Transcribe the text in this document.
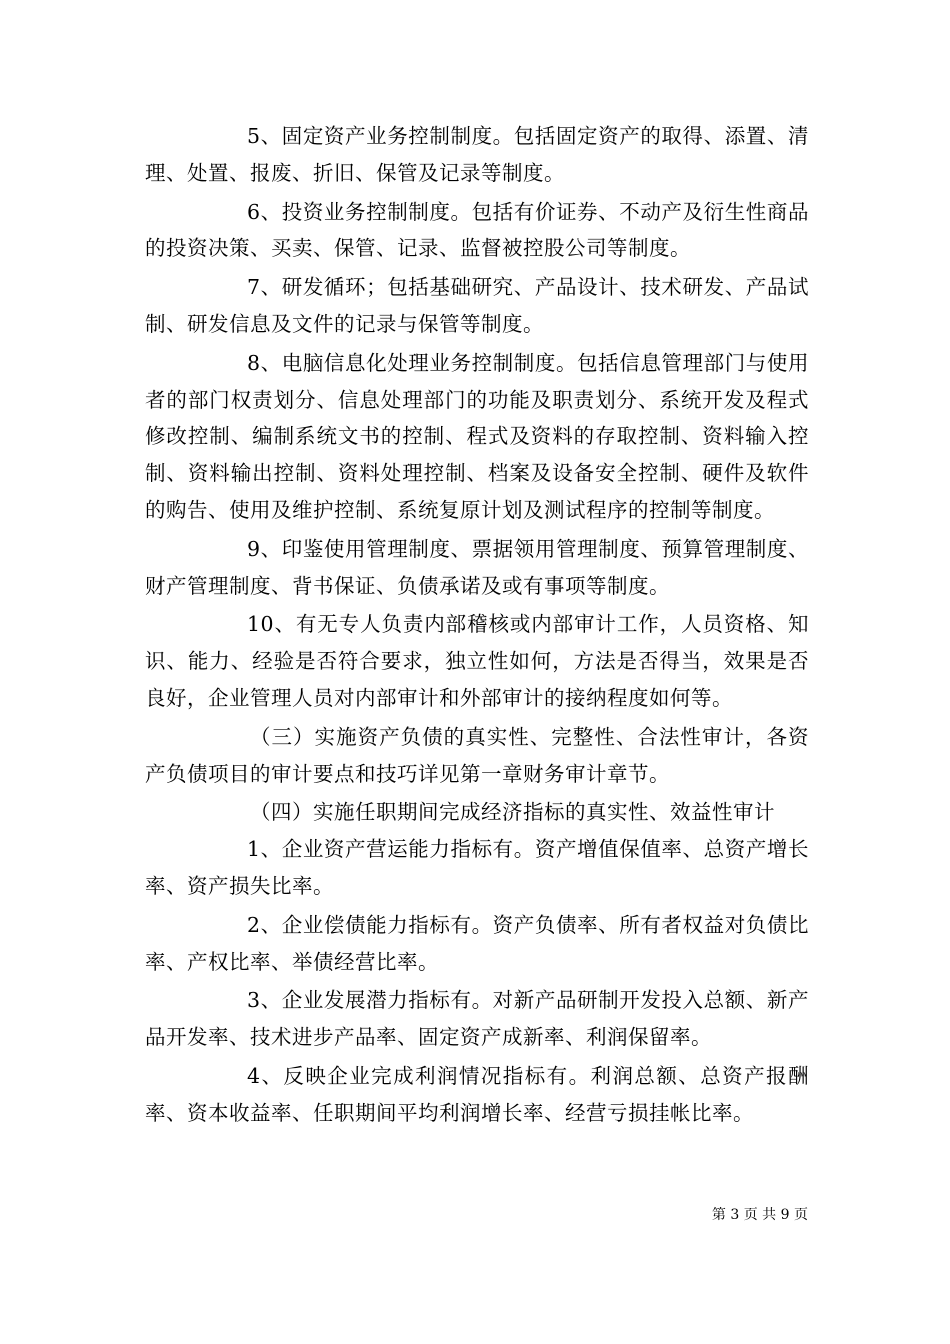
5、固定资产业务控制制度。包括固定资产的取得、添置、清理、处置、报废、折旧、保管及记录等制度。

6、投资业务控制制度。包括有价证券、不动产及衍生性商品的投资决策、买卖、保管、记录、监督被控股公司等制度。

7、研发循环；包括基础研究、产品设计、技术研发、产品试制、研发信息及文件的记录与保管等制度。

8、电脑信息化处理业务控制制度。包括信息管理部门与使用者的部门权责划分、信息处理部门的功能及职责划分、系统开发及程式修改控制、编制系统文书的控制、程式及资料的存取控制、资料输入控制、资料输出控制、资料处理控制、档案及设备安全控制、硬件及软件的购告、使用及维护控制、系统复原计划及测试程序的控制等制度。

9、印鉴使用管理制度、票据领用管理制度、预算管理制度、财产管理制度、背书保证、负债承诺及或有事项等制度。

10、有无专人负责内部稽核或内部审计工作，人员资格、知识、能力、经验是否符合要求，独立性如何，方法是否得当，效果是否良好，企业管理人员对内部审计和外部审计的接纳程度如何等。

（三）实施资产负债的真实性、完整性、合法性审计，各资产负债项目的审计要点和技巧详见第一章财务审计章节。

（四）实施任职期间完成经济指标的真实性、效益性审计

1、企业资产营运能力指标有。资产增值保值率、总资产增长率、资产损失比率。

2、企业偿债能力指标有。资产负债率、所有者权益对负债比率、产权比率、举债经营比率。

3、企业发展潜力指标有。对新产品研制开发投入总额、新产品开发率、技术进步产品率、固定资产成新率、利润保留率。

4、反映企业完成利润情况指标有。利润总额、总资产报酬率、资本收益率、任职期间平均利润增长率、经营亏损挂帐比率。

第 3 页 共 9 页
